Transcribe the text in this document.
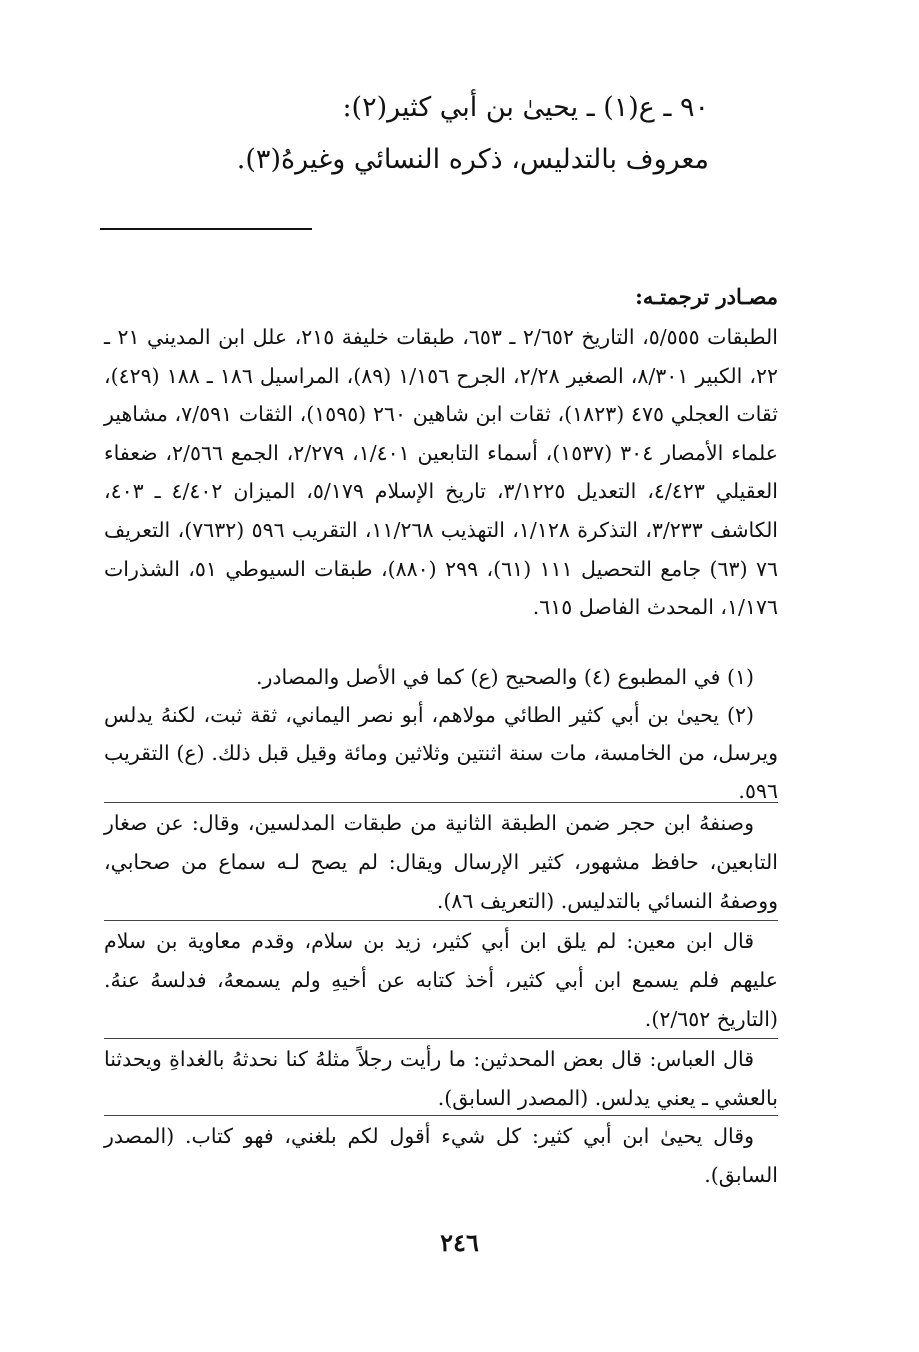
٩٠ ـ ع(١) ـ يحيىٰ بن أبي كثير(٢):
معروف بالتدليس، ذكره النسائي وغيرهُ(٣).
مصـادر ترجمتـه:
الطبقات ٥/٥٥٥، التاريخ ٢/٦٥٢ ـ ٦٥٣، طبقات خليفة ٢١٥، علل ابن المديني ٢١ ـ ٢٢، الكبير ٨/٣٠١، الصغير ٢/٢٨، الجرح ١/١٥٦ (٨٩)، المراسيل ١٨٦ ـ ١٨٨ (٤٢٩)، ثقات العجلي ٤٧٥ (١٨٢٣)، ثقات ابن شاهين ٢٦٠ (١٥٩٥)، الثقات ٧/٥٩١، مشاهير علماء الأمصار ٣٠٤ (١٥٣٧)، أسماء التابعين ١/٤٠١، ٢/٢٧٩، الجمع ٢/٥٦٦، ضعفاء العقيلي ٤/٤٢٣، التعديل ٣/١٢٢٥، تاريخ الإسلام ٥/١٧٩، الميزان ٤/٤٠٢ ـ ٤٠٣، الكاشف ٣/٢٣٣، التذكرة ١/١٢٨، التهذيب ١١/٢٦٨، التقريب ٥٩٦ (٧٦٣٢)، التعريف ٧٦ (٦٣) جامع التحصيل ١١١ (٦١)، ٢٩٩ (٨٨٠)، طبقات السيوطي ٥١، الشذرات ١/١٧٦، المحدث الفاصل ٦١٥.
(١) في المطبوع (٤) والصحيح (ع) كما في الأصل والمصادر.
(٢) يحيىٰ بن أبي كثير الطائي مولاهم، أبو نصر اليماني، ثقة ثبت، لكنهُ يدلس ويرسل، من الخامسة، مات سنة اثنتين وثلاثين ومائة وقيل قبل ذلك. (ع) التقريب ٥٩٦.
وصنفهُ ابن حجر ضمن الطبقة الثانية من طبقات المدلسين، وقال: عن صغار التابعين، حافظ مشهور، كثير الإرسال ويقال: لم يصح لـه سماع من صحابي، ووصفهُ النسائي بالتدليس. (التعريف ٨٦).
قال ابن معين: لم يلق ابن أبي كثير، زيد بن سلام، وقدم معاوية بن سلام عليهم فلم يسمع ابن أبي كثير، أخذ كتابه عن أخيهِ ولم يسمعهُ، فدلسهُ عنهُ. (التاريخ ٢/٦٥٢).
قال العباس: قال بعض المحدثين: ما رأيت رجلاً مثلهُ كنا نحدثهُ بالغداةِ ويحدثنا بالعشي ـ يعني يدلس. (المصدر السابق).
وقال يحيىٰ ابن أبي كثير: كل شيء أقول لكم بلغني، فهو كتاب. (المصدر السابق).
٢٤٦
